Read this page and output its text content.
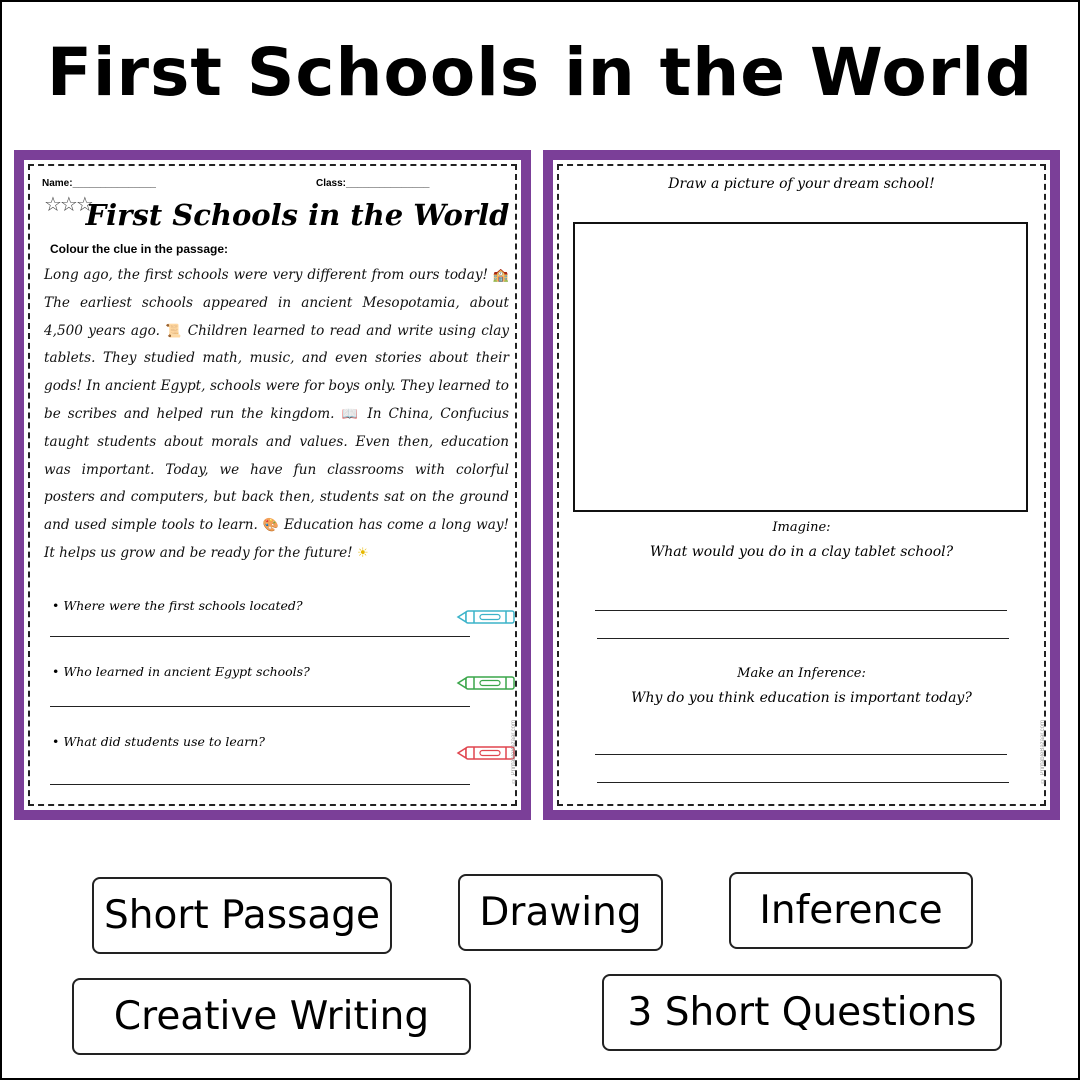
First Schools in the World
Name:_______________	Class:_______________
☆☆☆
First Schools in the World
Colour the clue in the passage:
Long ago, the first schools were very different from ours today! 🏫 The earliest schools appeared in ancient Mesopotamia, about 4,500 years ago. 📜 Children learned to read and write using clay tablets. They studied math, music, and even stories about their gods! In ancient Egypt, schools were for boys only. They learned to be scribes and helped run the kingdom. 📖 In China, Confucius taught students about morals and values. Even then, education was important. Today, we have fun classrooms with colorful posters and computers, but back then, students sat on the ground and used simple tools to learn. 🎨 Education has come a long way! It helps us grow and be ready for the future! ☀
• Where were the first schools located?
• Who learned in ancient Egypt schools?
• What did students use to learn?	© PrintableBazaar.com
Draw a picture of your dream school!
Imagine:
What would you do in a clay tablet school?
Make an Inference:
Why do you think education is important today?
© PrintableBazaar.com
Short Passage	Drawing	Inference
Creative Writing	3 Short Questions
